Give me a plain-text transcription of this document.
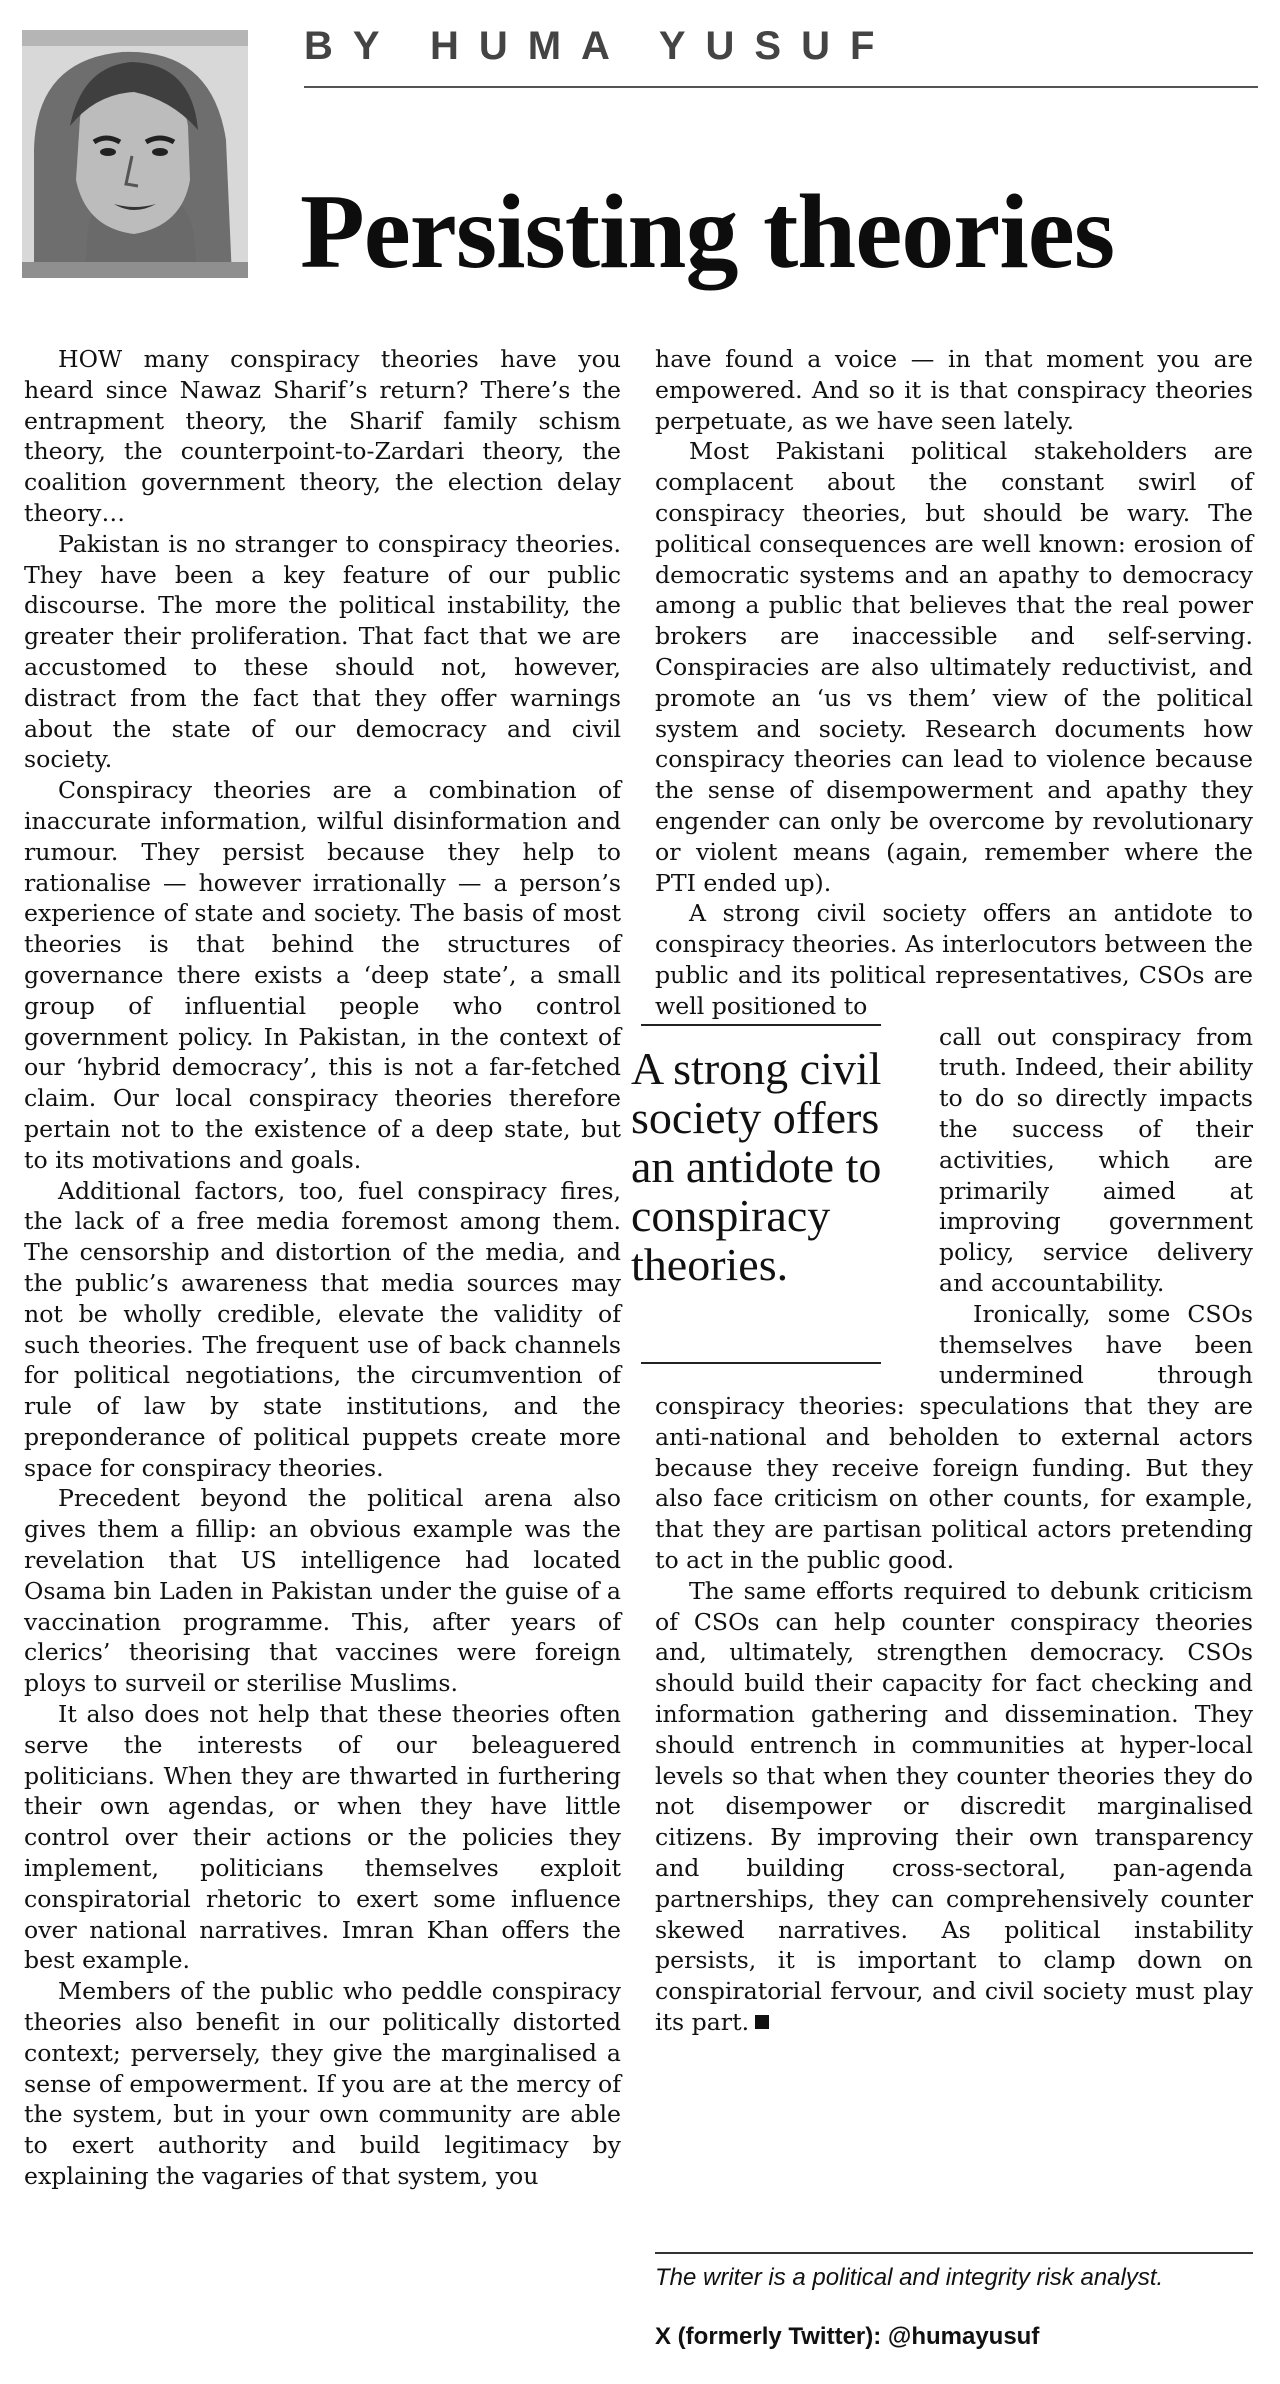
BY HUMA YUSUF
Persisting theories

HOW many conspiracy theories have you heard since Nawaz Sharif’s return? There’s the entrapment theory, the Sharif family schism theory, the counterpoint-to-Zardari theory, the coalition government theory, the election delay theory…

Pakistan is no stranger to conspiracy theories. They have been a key feature of our public discourse. The more the political instability, the greater their proliferation. That fact that we are accustomed to these should not, however, distract from the fact that they offer warnings about the state of our democracy and civil society.

Conspiracy theories are a combination of inaccurate information, wilful disinformation and rumour. They persist because they help to rationalise — however irrationally — a person’s experience of state and society. The basis of most theories is that behind the structures of governance there exists a ‘deep state’, a small group of influential people who control government policy. In Pakistan, in the context of our ‘hybrid democracy’, this is not a far-fetched claim. Our local conspiracy theories therefore pertain not to the existence of a deep state, but to its motivations and goals.

Additional factors, too, fuel conspiracy fires, the lack of a free media foremost among them. The censorship and distortion of the media, and the public’s awareness that media sources may not be wholly credible, elevate the validity of such theories. The frequent use of back channels for political negotiations, the circumvention of rule of law by state institutions, and the preponderance of political puppets create more space for conspiracy theories.

Precedent beyond the political arena also gives them a fillip: an obvious example was the revelation that US intelligence had located Osama bin Laden in Pakistan under the guise of a vaccination programme. This, after years of clerics’ theorising that vaccines were foreign ploys to surveil or sterilise Muslims.

It also does not help that these theories often serve the interests of our beleaguered politicians. When they are thwarted in furthering their own agendas, or when they have little control over their actions or the policies they implement, politicians themselves exploit conspiratorial rhetoric to exert some influence over national narratives. Imran Khan offers the best example.

Members of the public who peddle conspiracy theories also benefit in our politically distorted context; perversely, they give the marginalised a sense of empowerment. If you are at the mercy of the system, but in your own community are able to exert authority and build legitimacy by explaining the vagaries of that system, you

have found a voice — in that moment you are empowered. And so it is that conspiracy theories perpetuate, as we have seen lately.

Most Pakistani political stakeholders are complacent about the constant swirl of conspiracy theories, but should be wary. The political consequences are well known: erosion of democratic systems and an apathy to democracy among a public that believes that the real power brokers are inaccessible and self-serving. Conspiracies are also ultimately reductivist, and promote an ‘us vs them’ view of the political system and society. Research documents how conspiracy theories can lead to violence because the sense of disempowerment and apathy they engender can only be overcome by revolutionary or violent means (again, remember where the PTI ended up).

A strong civil society offers an antidote to conspiracy theories. As interlocutors between the public and its political representatives, CSOs are well positioned to

A strong civil society offers an antidote to conspiracy theories.

call out conspiracy from truth. Indeed, their ability to do so directly impacts the success of their activities, which are primarily aimed at improving government policy, service delivery and accountability.

Ironically, some CSOs themselves have been undermined through conspiracy theories: speculations that they are anti-national and beholden to external actors because they receive foreign funding. But they also face criticism on other counts, for example, that they are partisan political actors pretending to act in the public good.

The same efforts required to debunk criticism of CSOs can help counter conspiracy theories and, ultimately, strengthen democracy. CSOs should build their capacity for fact checking and information gathering and dissemination. They should entrench in communities at hyper-local levels so that when they counter theories they do not disempower or discredit marginalised citizens. By improving their own transparency and building cross-sectoral, pan-agenda partnerships, they can comprehensively counter skewed narratives. As political instability persists, it is important to clamp down on conspiratorial fervour, and civil society must play its part.

The writer is a political and integrity risk analyst.
X (formerly Twitter): @humayusuf
